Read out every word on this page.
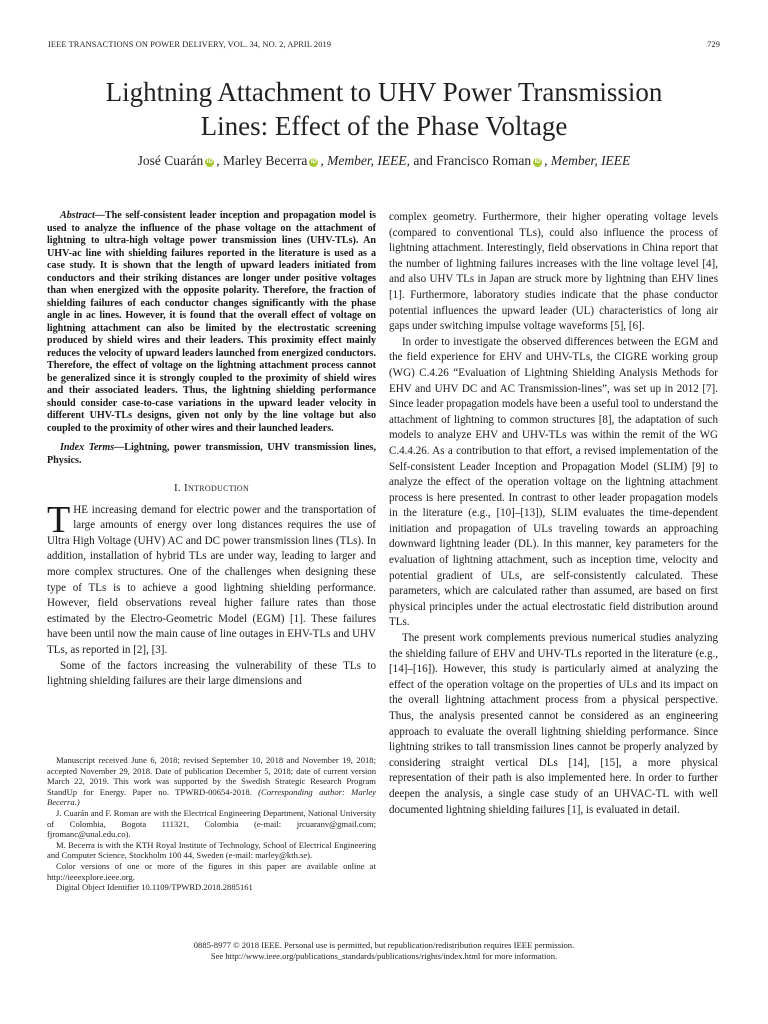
IEEE TRANSACTIONS ON POWER DELIVERY, VOL. 34, NO. 2, APRIL 2019	729
Lightning Attachment to UHV Power Transmission
Lines: Effect of the Phase Voltage
José Cuarán iD , Marley Becerra iD , Member, IEEE, and Francisco Roman iD , Member, IEEE
Abstract—The self-consistent leader inception and propagation model is used to analyze the influence of the phase voltage on the attachment of lightning to ultra-high voltage power transmission lines (UHV-TLs). An UHV-ac line with shielding failures reported in the literature is used as a case study. It is shown that the length of upward leaders initiated from conductors and their striking distances are longer under positive voltages than when energized with the opposite polarity. Therefore, the fraction of shielding failures of each conductor changes significantly with the phase angle in ac lines. However, it is found that the overall effect of voltage on lightning attachment can also be limited by the electrostatic screening produced by shield wires and their leaders. This proximity effect mainly reduces the velocity of upward leaders launched from energized conductors. Therefore, the effect of voltage on the lightning attachment process cannot be generalized since it is strongly coupled to the proximity of shield wires and their associated leaders. Thus, the lightning shielding performance should consider case-to-case variations in the upward leader velocity in different UHV-TLs designs, given not only by the line voltage but also coupled to the proximity of other wires and their launched leaders.
Index Terms—Lightning, power transmission, UHV transmission lines, Physics.
I. Introduction

THE increasing demand for electric power and the transportation of large amounts of energy over long distances requires the use of Ultra High Voltage (UHV) AC and DC power transmission lines (TLs). In addition, installation of hybrid TLs are under way, leading to larger and more complex structures. One of the challenges when designing these type of TLs is to achieve a good lightning shielding performance. However, field observations reveal higher failure rates than those estimated by the Electro-Geometric Model (EGM) [1]. These failures have been until now the main cause of line outages in EHV-TLs and UHV TLs, as reported in [2], [3].

Some of the factors increasing the vulnerability of these TLs to lightning shielding failures are their large dimensions and

Manuscript received June 6, 2018; revised September 10, 2018 and November 19, 2018; accepted November 29, 2018. Date of publication December 5, 2018; date of current version March 22, 2019. This work was supported by the Swedish Strategic Research Program StandUp for Energy. Paper no. TPWRD-00654-2018. (Corresponding author: Marley Becerra.)

J. Cuarán and F. Roman are with the Electrical Engineering Department, National University of Colombia, Bogota 111321, Colombia (e-mail: jrcuaranv@gmail.com; fjromanc@unal.edu.co).

M. Becerra is with the KTH Royal Institute of Technology, School of Electrical Engineering and Computer Science, Stockholm 100 44, Sweden (e-mail: marley@kth.se).

Color versions of one or more of the figures in this paper are available online at http://ieeexplore.ieee.org.

Digital Object Identifier 10.1109/TPWRD.2018.2885161

complex geometry. Furthermore, their higher operating voltage levels (compared to conventional TLs), could also influence the process of lightning attachment. Interestingly, field observations in China report that the number of lightning failures increases with the line voltage level [4], and also UHV TLs in Japan are struck more by lightning than EHV lines [1]. Furthermore, laboratory studies indicate that the phase conductor potential influences the upward leader (UL) characteristics of long air gaps under switching impulse voltage waveforms [5], [6].

In order to investigate the observed differences between the EGM and the field experience for EHV and UHV-TLs, the CIGRE working group (WG) C.4.26 “Evaluation of Lightning Shielding Analysis Methods for EHV and UHV DC and AC Transmission-lines”, was set up in 2012 [7]. Since leader propagation models have been a useful tool to understand the attachment of lightning to common structures [8], the adaptation of such models to analyze EHV and UHV-TLs was within the remit of the WG C.4.4.26. As a contribution to that effort, a revised implementation of the Self-consistent Leader Inception and Propagation Model (SLIM) [9] to analyze the effect of the operation voltage on the lightning attachment process is here presented. In contrast to other leader propagation models in the literature (e.g., [10]–[13]), SLIM evaluates the time-dependent initiation and propagation of ULs traveling towards an approaching downward lightning leader (DL). In this manner, key parameters for the evaluation of lightning attachment, such as inception time, velocity and potential gradient of ULs, are self-consistently calculated. These parameters, which are calculated rather than assumed, are based on first physical principles under the actual electrostatic field distribution around TLs.

The present work complements previous numerical studies analyzing the shielding failure of EHV and UHV-TLs reported in the literature (e.g., [14]–[16]). However, this study is particularly aimed at analyzing the effect of the operation voltage on the properties of ULs and its impact on the overall lightning attachment process from a physical perspective. Thus, the analysis presented cannot be considered as an engineering approach to evaluate the overall lightning shielding performance. Since lightning strikes to tall transmission lines cannot be properly analyzed by considering straight vertical DLs [14], [15], a more physical representation of their path is also implemented here. In order to further deepen the analysis, a single case study of an UHVAC-TL with well documented lightning shielding failures [1], is evaluated in detail.

0885-8977 © 2018 IEEE. Personal use is permitted, but republication/redistribution requires IEEE permission.
See http://www.ieee.org/publications_standards/publications/rights/index.html for more information.
